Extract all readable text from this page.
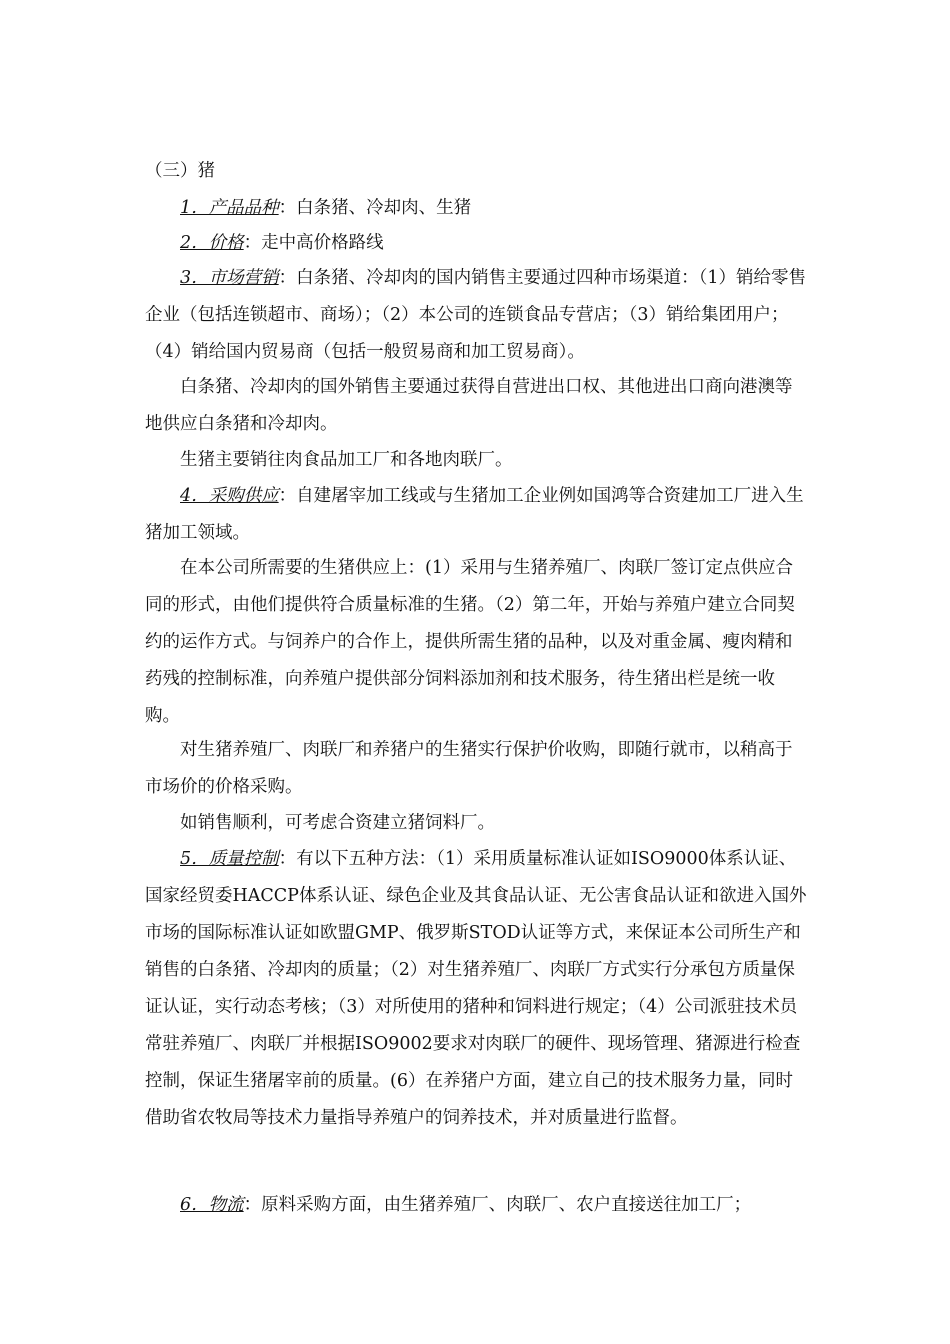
（三）猪
1．产品品种：白条猪、冷却肉、生猪
2．价格：走中高价格路线
3．市场营销：白条猪、冷却肉的国内销售主要通过四种市场渠道：（1）销给零售企业（包括连锁超市、商场）；（2）本公司的连锁食品专营店；（3）销给集团用户；（4）销给国内贸易商（包括一般贸易商和加工贸易商）。
白条猪、冷却肉的国外销售主要通过获得自营进出口权、其他进出口商向港澳等地供应白条猪和冷却肉。
生猪主要销往肉食品加工厂和各地肉联厂。
4．采购供应：自建屠宰加工线或与生猪加工企业例如国鸿等合资建加工厂进入生猪加工领域。
在本公司所需要的生猪供应上：(1）采用与生猪养殖厂、肉联厂签订定点供应合同的形式，由他们提供符合质量标准的生猪。（2）第二年，开始与养殖户建立合同契约的运作方式。与饲养户的合作上，提供所需生猪的品种，以及对重金属、瘦肉精和药残的控制标准，向养殖户提供部分饲料添加剂和技术服务，待生猪出栏是统一收购。
对生猪养殖厂、肉联厂和养猪户的生猪实行保护价收购，即随行就市，以稍高于市场价的价格采购。
如销售顺利，可考虑合资建立猪饲料厂。
5．质量控制：有以下五种方法：（1）采用质量标准认证如ISO9000体系认证、国家经贸委HACCP体系认证、绿色企业及其食品认证、无公害食品认证和欲进入国外市场的国际标准认证如欧盟GMP、俄罗斯STOD认证等方式，来保证本公司所生产和销售的白条猪、冷却肉的质量；（2）对生猪养殖厂、肉联厂方式实行分承包方质量保证认证，实行动态考核；（3）对所使用的猪种和饲料进行规定；（4）公司派驻技术员常驻养殖厂、肉联厂并根据ISO9002要求对肉联厂的硬件、现场管理、猪源进行检查控制，保证生猪屠宰前的质量。(6）在养猪户方面，建立自己的技术服务力量，同时借助省农牧局等技术力量指导养殖户的饲养技术，并对质量进行监督。
6．物流：原料采购方面，由生猪养殖厂、肉联厂、农户直接送往加工厂；
